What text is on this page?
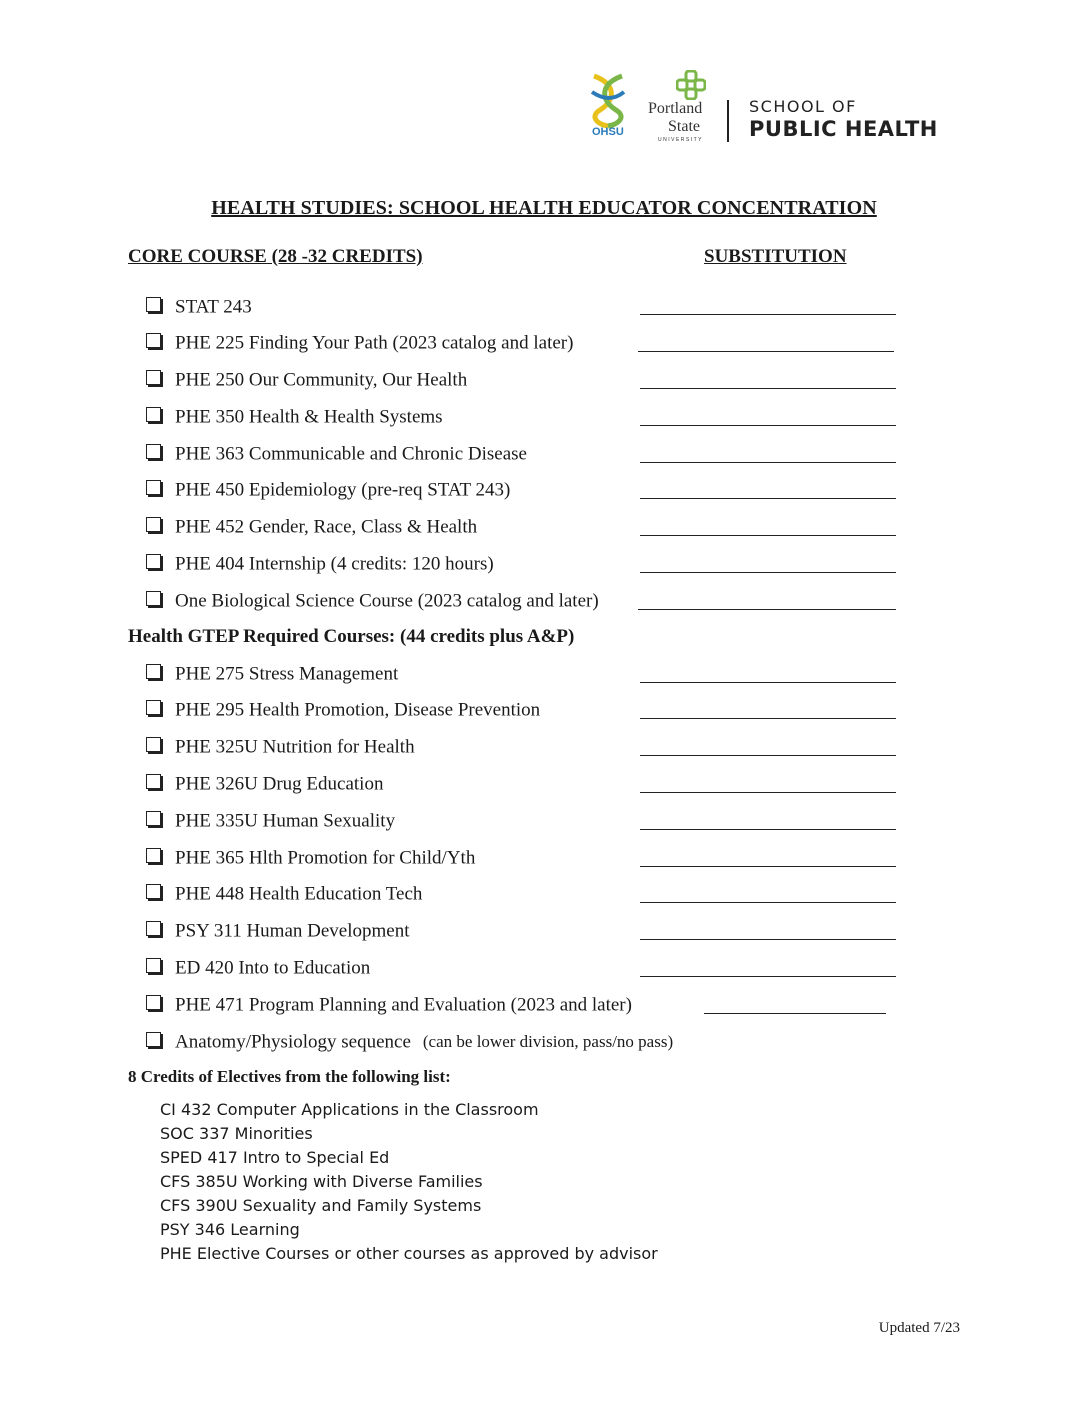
OHSU
Portland
State
UNIVERSITY
SCHOOL OF
PUBLIC HEALTH
HEALTH STUDIES: SCHOOL HEALTH EDUCATOR CONCENTRATION
CORE COURSE (28 -32 CREDITS)	SUBSTITUTION
STAT 243
PHE 225 Finding Your Path (2023 catalog and later)
PHE 250 Our Community, Our Health
PHE 350 Health & Health Systems
PHE 363 Communicable and Chronic Disease
PHE 450 Epidemiology (pre-req STAT 243)
PHE 452 Gender, Race, Class & Health
PHE 404 Internship (4 credits: 120 hours)
One Biological Science Course (2023 catalog and later)
Health GTEP Required Courses: (44 credits plus A&P)
PHE 275 Stress Management
PHE 295 Health Promotion, Disease Prevention
PHE 325U Nutrition for Health
PHE 326U Drug Education
PHE 335U Human Sexuality
PHE 365 Hlth Promotion for Child/Yth
PHE 448 Health Education Tech
PSY 311 Human Development
ED 420 Into to Education
PHE 471 Program Planning and Evaluation (2023 and later)
Anatomy/Physiology sequence (can be lower division, pass/no pass)
8 Credits of Electives from the following list:
CI 432 Computer Applications in the Classroom
SOC 337 Minorities
SPED 417 Intro to Special Ed
CFS 385U Working with Diverse Families
CFS 390U Sexuality and Family Systems
PSY 346 Learning
PHE Elective Courses or other courses as approved by advisor
Updated 7/23
